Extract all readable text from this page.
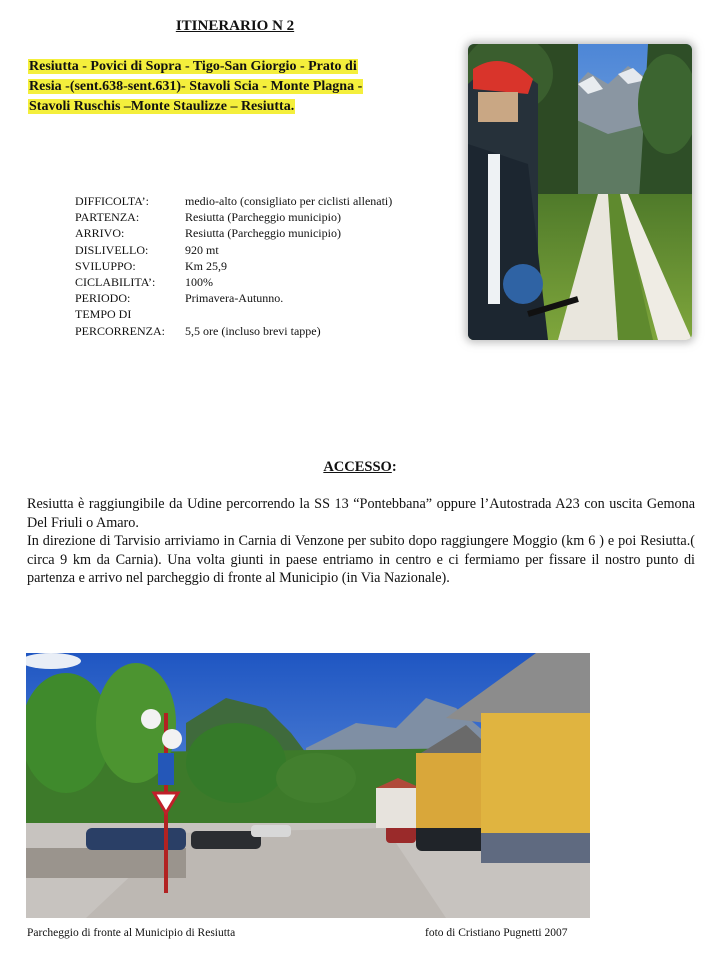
ITINERARIO N 2
Resiutta - Povici di Sopra - Tigo-San Giorgio - Prato di
Resia -(sent.638-sent.631)- Stavoli Scia - Monte Plagna -
Stavoli Ruschis –Monte Staulizze – Resiutta.
DIFFICOLTA’:	medio-alto (consigliato per ciclisti allenati)
PARTENZA:	Resiutta (Parcheggio municipio)
ARRIVO:	Resiutta (Parcheggio municipio)
DISLIVELLO:	920 mt
SVILUPPO:	Km 25,9
CICLABILITA’:	100%
PERIODO:	Primavera-Autunno.
TEMPO DI
PERCORRENZA:	5,5 ore (incluso brevi tappe)
ACCESSO:

Resiutta è raggiungibile da Udine percorrendo la SS 13 “Pontebbana” oppure l’Autostrada A23 con uscita Gemona Del Friuli o Amaro.

In direzione di Tarvisio arriviamo in Carnia di Venzone per subito dopo raggiungere Moggio (km 6 ) e poi Resiutta.( circa 9 km da Carnia). Una volta giunti in paese entriamo in centro e ci fermiamo per fissare il nostro punto di partenza e arrivo nel parcheggio di fronte al Municipio (in Via Nazionale).

Parcheggio di fronte al Municipio di Resiutta	foto di Cristiano Pugnetti 2007
